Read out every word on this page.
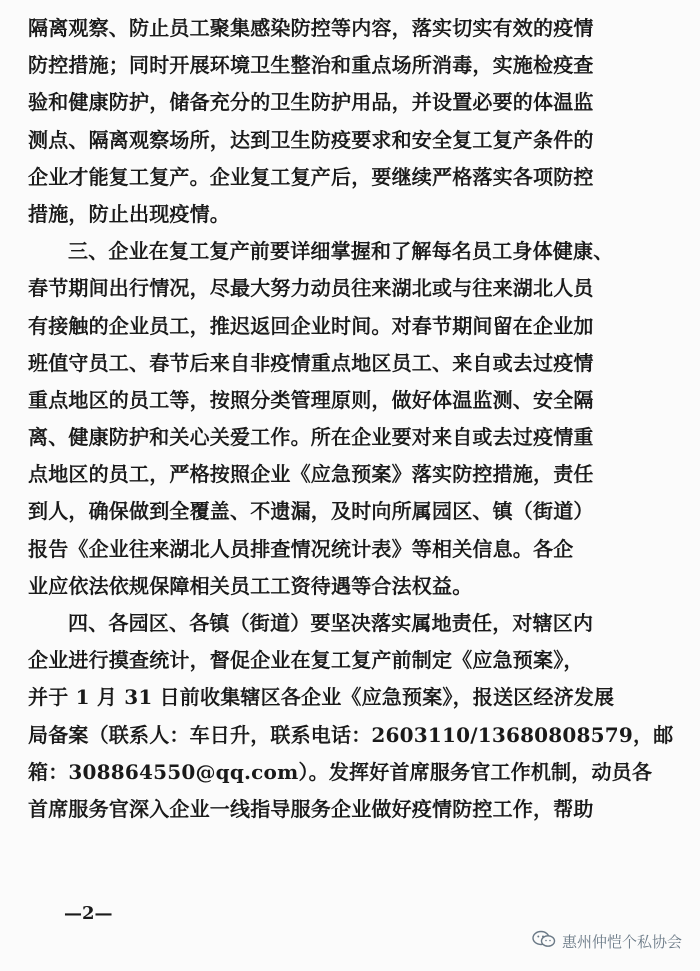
隔离观察、防止员工聚集感染防控等内容，落实切实有效的疫情
防控措施；同时开展环境卫生整治和重点场所消毒，实施检疫查
验和健康防护，储备充分的卫生防护用品，并设置必要的体温监
测点、隔离观察场所，达到卫生防疫要求和安全复工复产条件的
企业才能复工复产。企业复工复产后，要继续严格落实各项防控
措施，防止出现疫情。
三、企业在复工复产前要详细掌握和了解每名员工身体健康、
春节期间出行情况，尽最大努力动员往来湖北或与往来湖北人员
有接触的企业员工，推迟返回企业时间。对春节期间留在企业加
班值守员工、春节后来自非疫情重点地区员工、来自或去过疫情
重点地区的员工等，按照分类管理原则，做好体温监测、安全隔
离、健康防护和关心关爱工作。所在企业要对来自或去过疫情重
点地区的员工，严格按照企业《应急预案》落实防控措施，责任
到人，确保做到全覆盖、不遗漏，及时向所属园区、镇（街道）
报告《企业往来湖北人员排查情况统计表》等相关信息。各企
业应依法依规保障相关员工工资待遇等合法权益。
四、各园区、各镇（街道）要坚决落实属地责任，对辖区内
企业进行摸查统计，督促企业在复工复产前制定《应急预案》，
并于 1 月 31 日前收集辖区各企业《应急预案》，报送区经济发展
局备案（联系人：车日升，联系电话：2603110/13680808579，邮
箱：308864550@qq.com）。发挥好首席服务官工作机制，动员各
首席服务官深入企业一线指导服务企业做好疫情防控工作，帮助
—2—
惠州仲恺个私协会
